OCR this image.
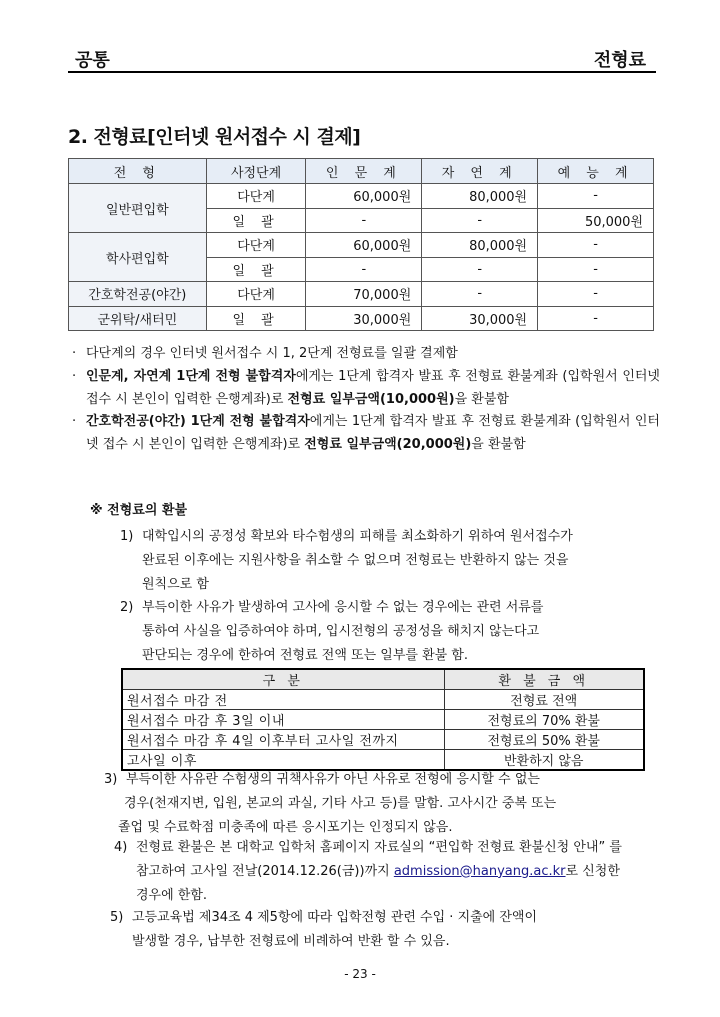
공통	전형료
2. 전형료[인터넷 원서접수 시 결제]
전 형	사정단계	인 문 계	자 연 계	예 능 계
일반편입학	다단계	60,000원	80,000원	-
	일 괄	-	-	50,000원
학사편입학	다단계	60,000원	80,000원	-
	일 괄	-	-	-
간호학전공(야간)	다단계	70,000원	-	-
군위탁/새터민	일 괄	30,000원	30,000원	-
· 다단계의 경우 인터넷 원서접수 시 1, 2단계 전형료를 일괄 결제함
· 인문계, 자연계 1단계 전형 불합격자에게는 1단계 합격자 발표 후 전형료 환불계좌 (입학원서 인터넷 접수 시 본인이 입력한 은행계좌)로 전형료 일부금액(10,000원)을 환불함
· 간호학전공(야간) 1단계 전형 불합격자에게는 1단계 합격자 발표 후 전형료 환불계좌 (입학원서 인터넷 접수 시 본인이 입력한 은행계좌)로 전형료 일부금액(20,000원)을 환불함
※ 전형료의 환불
1) 대학입시의 공정성 확보와 타수험생의 피해를 최소화하기 위하여 원서접수가
완료된 이후에는 지원사항을 취소할 수 없으며 전형료는 반환하지 않는 것을
원칙으로 함
2) 부득이한 사유가 발생하여 고사에 응시할 수 없는 경우에는 관련 서류를
통하여 사실을 입증하여야 하며, 입시전형의 공정성을 해치지 않는다고
판단되는 경우에 한하여 전형료 전액 또는 일부를 환불 함.
구 분	환 불 금 액
원서접수 마감 전	전형료 전액
원서접수 마감 후 3일 이내	전형료의 70% 환불
원서접수 마감 후 4일 이후부터 고사일 전까지	전형료의 50% 환불
고사일 이후	반환하지 않음
3) 부득이한 사유란 수험생의 귀책사유가 아닌 사유로 전형에 응시할 수 없는
경우(천재지변, 입원, 본교의 과실, 기타 사고 등)를 말함. 고사시간 중복 또는
졸업 및 수료학점 미충족에 따른 응시포기는 인정되지 않음.
4) 전형료 환불은 본 대학교 입학처 홈페이지 자료실의 “편입학 전형료 환불신청 안내” 를
참고하여 고사일 전날(2014.12.26(금))까지 admission@hanyang.ac.kr로 신청한
경우에 한함.
5) 고등교육법 제34조 4 제5항에 따라 입학전형 관련 수입 · 지출에 잔액이
발생할 경우, 납부한 전형료에 비례하여 반환 할 수 있음.
- 23 -
